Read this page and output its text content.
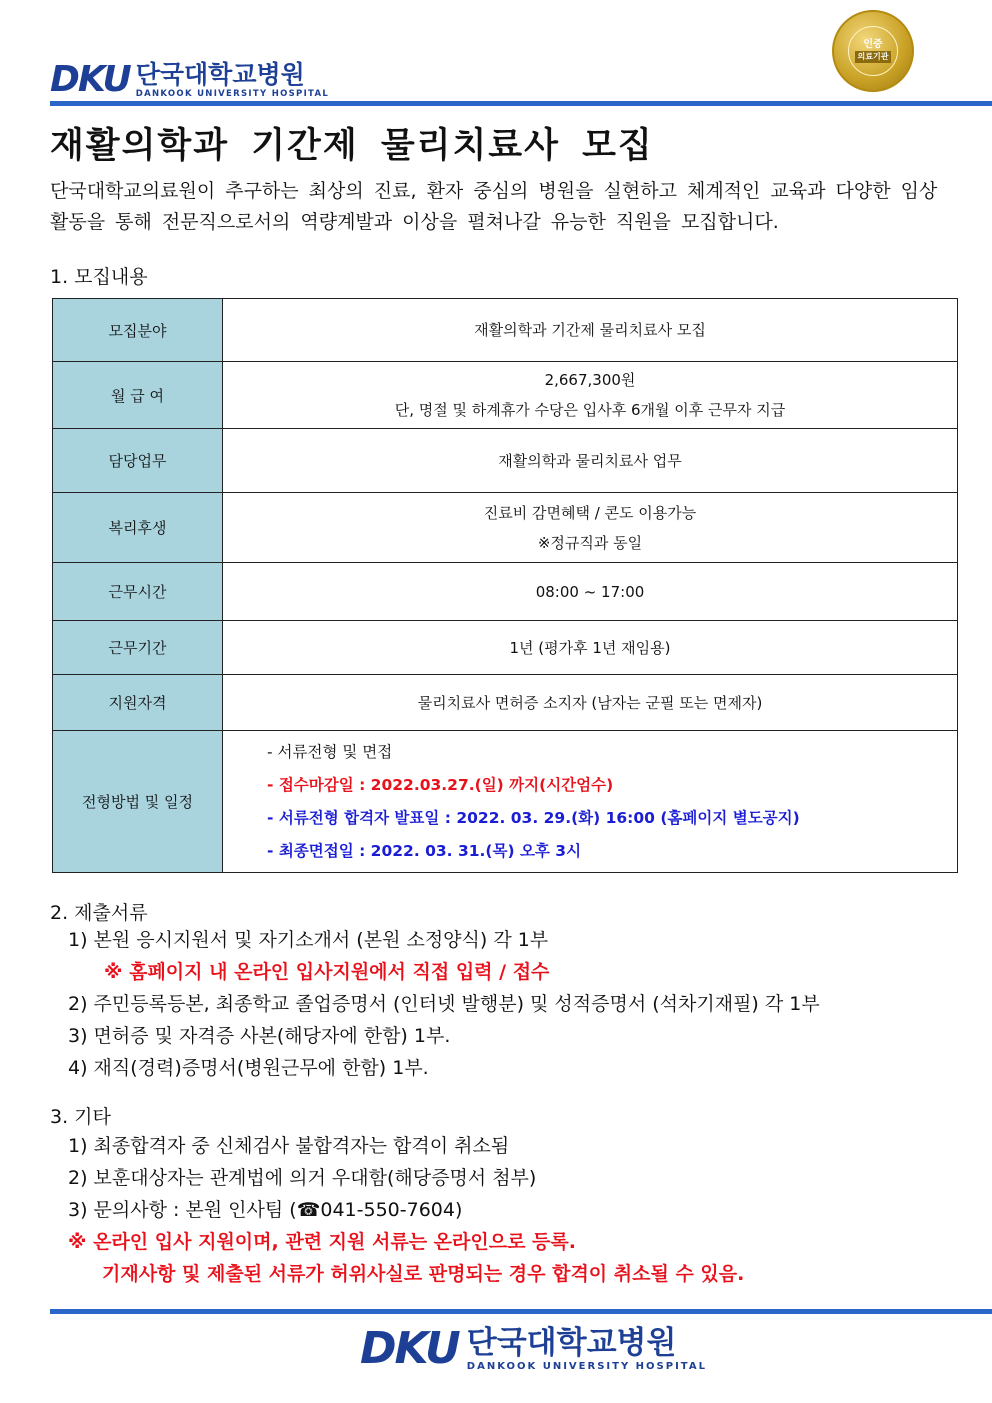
DKU 단국대학교병원
DANKOOK UNIVERSITY HOSPITAL
인증
의료기관
재활의학과 기간제 물리치료사 모집
단국대학교의료원이 추구하는 최상의 진료, 환자 중심의 병원을 실현하고 체계적인 교육과 다양한 임상활동을 통해 전문직으로서의 역량계발과 이상을 펼쳐나갈 유능한 직원을 모집합니다.
1. 모집내용
모집분야	재활의학과 기간제 물리치료사 모집

월 급 여	2,667,300원
단, 명절 및 하계휴가 수당은 입사후 6개월 이후 근무자 지급

담당업무	재활의학과 물리치료사 업무

복리후생	진료비 감면혜택 / 콘도 이용가능
※정규직과 동일

근무시간	08:00 ~ 17:00

근무기간	1년 (평가후 1년 재임용)

지원자격	물리치료사 면허증 소지자 (남자는 군필 또는 면제자)

전형방법 및 일정	- 서류전형 및 면접
- 접수마감일 : 2022.03.27.(일) 까지(시간엄수)
- 서류전형 합격자 발표일 : 2022. 03. 29.(화) 16:00 (홈페이지 별도공지)
- 최종면접일 : 2022. 03. 31.(목) 오후 3시
2. 제출서류
1) 본원 응시지원서 및 자기소개서 (본원 소정양식) 각 1부
※ 홈페이지 내 온라인 입사지원에서 직접 입력 / 접수
2) 주민등록등본, 최종학교 졸업증명서 (인터넷 발행분) 및 성적증명서 (석차기재필) 각 1부
3) 면허증 및 자격증 사본(해당자에 한함) 1부.
4) 재직(경력)증명서(병원근무에 한함) 1부.
3. 기타
1) 최종합격자 중 신체검사 불합격자는 합격이 취소됨
2) 보훈대상자는 관계법에 의거 우대함(해당증명서 첨부)
3) 문의사항 : 본원 인사팀 (☎041-550-7604)
※ 온라인 입사 지원이며, 관련 지원 서류는 온라인으로 등록.
기재사항 및 제출된 서류가 허위사실로 판명되는 경우 합격이 취소될 수 있음.
DKU 단국대학교병원
DANKOOK UNIVERSITY HOSPITAL
